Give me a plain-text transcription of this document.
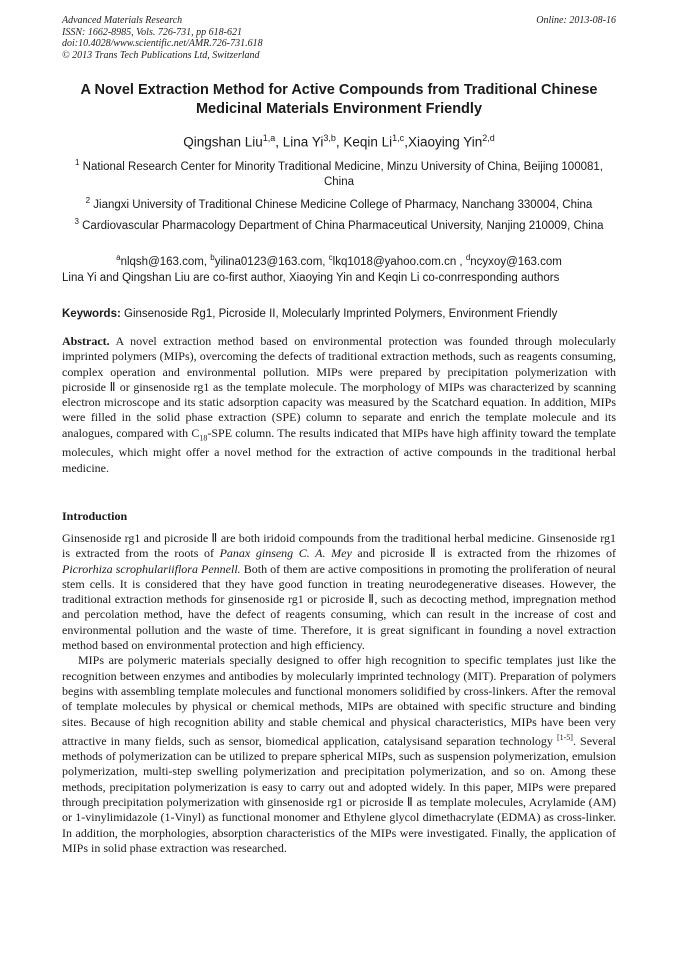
Advanced Materials Research
ISSN: 1662-8985, Vols. 726-731, pp 618-621
doi:10.4028/www.scientific.net/AMR.726-731.618
© 2013 Trans Tech Publications Ltd, Switzerland
Online: 2013-08-16
A Novel Extraction Method for Active Compounds from Traditional Chinese Medicinal Materials Environment Friendly
Qingshan Liu$^{1,a}$, Lina Yi$^{3,b}$, Keqin Li$^{1,c}$,Xiaoying Yin$^{2,d}$
$^1$ National Research Center for Minority Traditional Medicine, Minzu University of China, Beijing 100081, China
$^2$ Jiangxi University of Traditional Chinese Medicine College of Pharmacy, Nanchang 330004, China
$^3$ Cardiovascular Pharmacology Department of China Pharmaceutical University, Nanjing 210009, China
$^a$nlqsh@163.com, $^b$yilina0123@163.com, $^c$lkq1018@yahoo.com.cn , $^d$ncyxoy@163.com
Lina Yi and Qingshan Liu are co-first author, Xiaoying Yin and Keqin Li co-conrresponding authors
Keywords: Ginsenoside Rg1, Picroside II, Molecularly Imprinted Polymers, Environment Friendly

Abstract. A novel extraction method based on environmental protection was founded through molecularly imprinted polymers (MIPs), overcoming the defects of traditional extraction methods, such as reagents consuming, complex operation and environmental pollution. MIPs were prepared by precipitation polymerization with picroside Ⅱ or ginsenoside rg1 as the template molecule. The morphology of MIPs was characterized by scanning electron microscope and its static adsorption capacity was measured by the Scatchard equation. In addition, MIPs were filled in the solid phase extraction (SPE) column to separate and enrich the template molecule and its analogues, compared with $C_{18}$-SPE column. The results indicated that MIPs have high affinity toward the template molecules, which might offer a novel method for the extraction of active compounds in the traditional herbal medicine.

Introduction

Ginsenoside rg1 and picroside Ⅱ are both iridoid compounds from the traditional herbal medicine. Ginsenoside rg1 is extracted from the roots of Panax ginseng C. A. Mey and picroside Ⅱ is extracted from the rhizomes of Picrorhiza scrophulariiflora Pennell. Both of them are active compositions in promoting the proliferation of neural stem cells. It is considered that they have good function in treating neurodegenerative diseases. However, the traditional extraction methods for ginsenoside rg1 or picroside Ⅱ, such as decocting method, impregnation method and percolation method, have the defect of reagents consuming, which can result in the increase of cost and environmental pollution and the waste of time. Therefore, it is great significant in founding a novel extraction method based on environmental protection and high efficiency.

MIPs are polymeric materials specially designed to offer high recognition to specific templates just like the recognition between enzymes and antibodies by molecularly imprinted technology (MIT). Preparation of polymers begins with assembling template molecules and functional monomers solidified by cross-linkers. After the removal of template molecules by physical or chemical methods, MIPs are obtained with specific structure and binding sites. Because of high recognition ability and stable chemical and physical characteristics, MIPs have been very attractive in many fields, such as sensor, biomedical application, catalysisand separation technology [1-5]. Several methods of polymerization can be utilized to prepare spherical MIPs, such as suspension polymerization, emulsion polymerization, multi-step swelling polymerization and precipitation polymerization, and so on. Among these methods, precipitation polymerization is easy to carry out and adopted widely. In this paper, MIPs were prepared through precipitation polymerization with ginsenoside rg1 or picroside Ⅱ as template molecules, Acrylamide (AM) or 1-vinylimidazole (1-Vinyl) as functional monomer and Ethylene glycol dimethacrylate (EDMA) as cross-linker. In addition, the morphologies, absorption characteristics of the MIPs were investigated. Finally, the application of MIPs in solid phase extraction was researched.
